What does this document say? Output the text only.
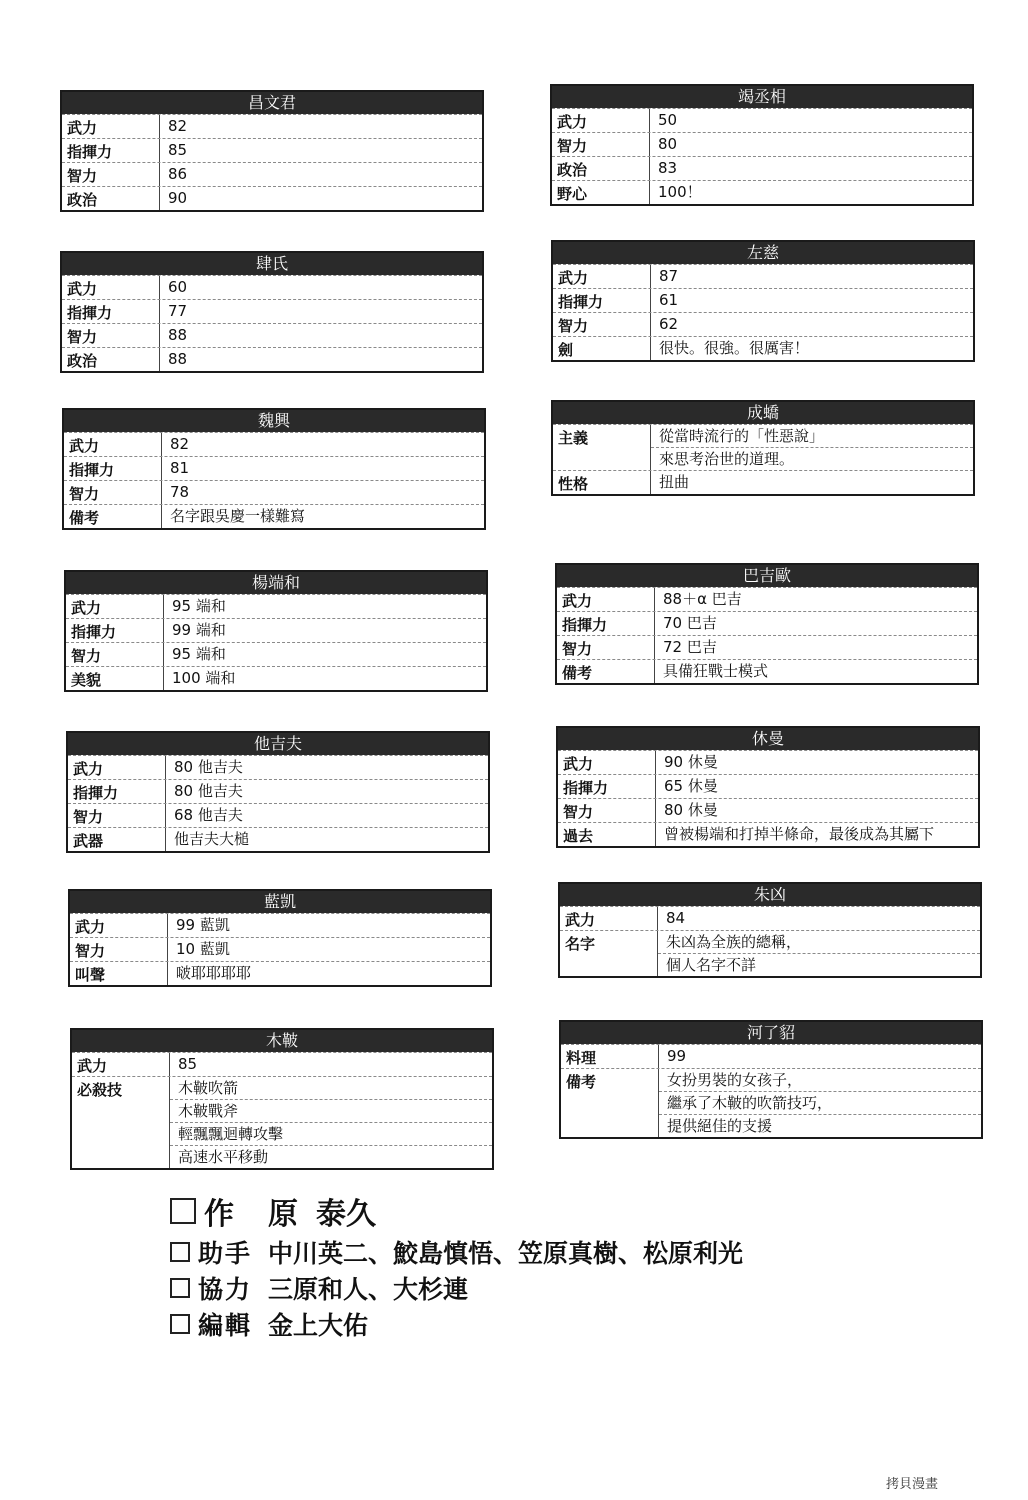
昌文君
武力	82
指揮力	85
智力	86
政治	90
竭丞相
武力	50
智力	80
政治	83
野心	100！
肆氏
武力	60
指揮力	77
智力	88
政治	88
左慈
武力	87
指揮力	61
智力	62
劍	很快。很強。很厲害！
魏興
武力	82
指揮力	81
智力	78
備考	名字跟吳慶一樣難寫
成蟜
主義	從當時流行的「性惡說」
來思考治世的道理。
性格	扭曲
楊端和
武力	95 端和
指揮力	99 端和
智力	95 端和
美貌	100 端和
巴吉歐
武力	88＋α 巴吉
指揮力	70 巴吉
智力	72 巴吉
備考	具備狂戰士模式
他吉夫
武力	80 他吉夫
指揮力	80 他吉夫
智力	68 他吉夫
武器	他吉夫大槌
休曼
武力	90 休曼
指揮力	65 休曼
智力	80 休曼
過去	曾被楊端和打掉半條命，最後成為其屬下
藍凱
武力	99 藍凱
智力	10 藍凱
叫聲	啵耶耶耶耶
朱凶
武力	84
名字	朱凶為全族的總稱，
個人名字不詳
木鞁
武力	85
必殺技	木鞁吹箭
木鞁戰斧
輕飄飄迴轉攻擊
高速水平移動
河了貂
料理	99
備考	女扮男裝的女孩子，
繼承了木鞁的吹箭技巧，
提供絕佳的支援
作　原 泰久
助手 中川英二、鮫島慎悟、笠原真樹、松原利光
協力 三原和人、大杉連
編輯 金上大佑
拷貝漫畫
